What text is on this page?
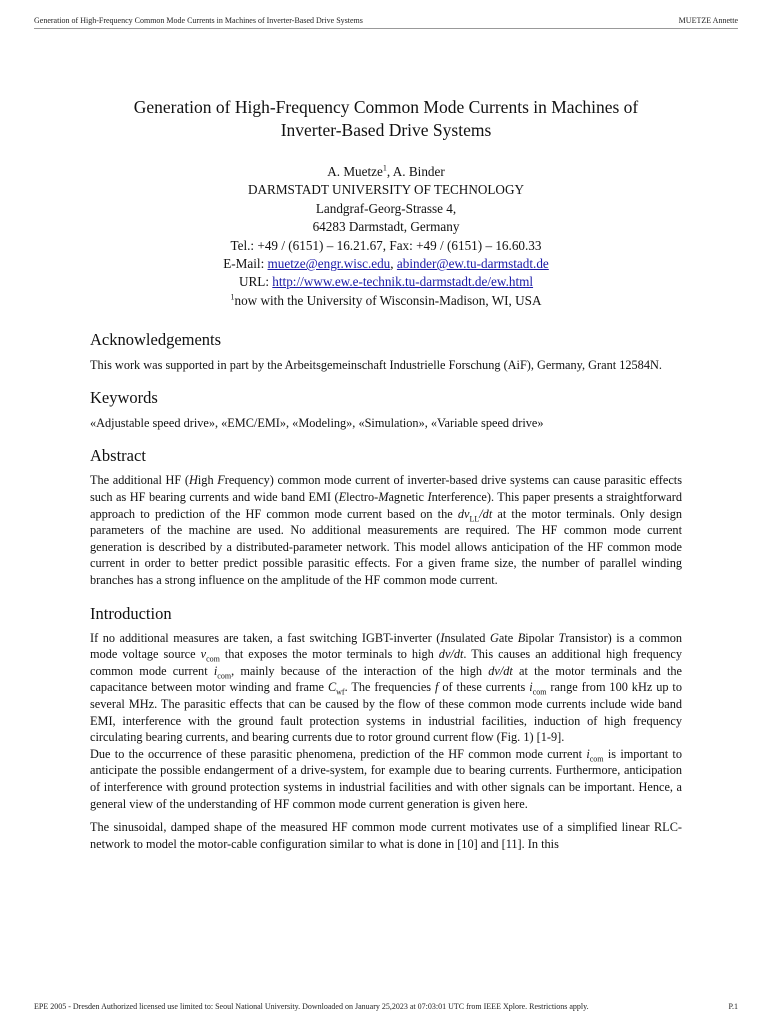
Generation of High-Frequency Common Mode Currents in Machines of Inverter-Based Drive Systems	MUETZE Annette
Generation of High-Frequency Common Mode Currents in Machines of
Inverter-Based Drive Systems
A. Muetze$^1$, A. Binder
DARMSTADT UNIVERSITY OF TECHNOLOGY
Landgraf-Georg-Strasse 4,
64283 Darmstadt, Germany
Tel.: +49 / (6151) – 16.21.67, Fax: +49 / (6151) – 16.60.33
E-Mail: muetze@engr.wisc.edu, abinder@ew.tu-darmstadt.de
URL: http://www.ew.e-technik.tu-darmstadt.de/ew.html
$^1$now with the University of Wisconsin-Madison, WI, USA
Acknowledgements

This work was supported in part by the Arbeitsgemeinschaft Industrielle Forschung (AiF), Germany, Grant 12584N.

Keywords

«Adjustable speed drive», «EMC/EMI», «Modeling», «Simulation», «Variable speed drive»

Abstract

The additional HF (High Frequency) common mode current of inverter-based drive systems can cause parasitic effects such as HF bearing currents and wide band EMI (Electro-Magnetic Interference). This paper presents a straightforward approach to prediction of the HF common mode current based on the $dv_{LL}/dt$ at the motor terminals. Only design parameters of the machine are used. No additional measurements are required. The HF common mode current generation is described by a distributed-parameter network. This model allows anticipation of the HF common mode current in order to better predict possible parasitic effects. For a given frame size, the number of parallel winding branches has a strong influence on the amplitude of the HF common mode current.

Introduction

If no additional measures are taken, a fast switching IGBT-inverter (Insulated Gate Bipolar Transistor) is a common mode voltage source $v_{com}$ that exposes the motor terminals to high dv/dt. This causes an additional high frequency common mode current $i_{com}$, mainly because of the interaction of the high dv/dt at the motor terminals and the capacitance between motor winding and frame $C_{wf}$. The frequencies f of these currents $i_{com}$ range from 100 kHz up to several MHz. The parasitic effects that can be caused by the flow of these common mode currents include wide band EMI, interference with the ground fault protection systems in industrial facilities, induction of high frequency circulating bearing currents, and bearing currents due to rotor ground current flow (Fig. 1) [1-9].

Due to the occurrence of these parasitic phenomena, prediction of the HF common mode current $i_{com}$ is important to anticipate the possible endangerment of a drive-system, for example due to bearing currents. Furthermore, anticipation of interference with ground protection systems in industrial facilities and with other signals can be important. Hence, a general view of the understanding of HF common mode current generation is given here.

The sinusoidal, damped shape of the measured HF common mode current motivates use of a simplified linear RLC-network to model the motor-cable configuration similar to what is done in [10] and [11]. In this

EPE 2005 - Dresden Authorized licensed use limited to: Seoul National University. Downloaded on January 25,2023 at 07:03:01 UTC from IEEE Xplore. Restrictions apply.	P.1
